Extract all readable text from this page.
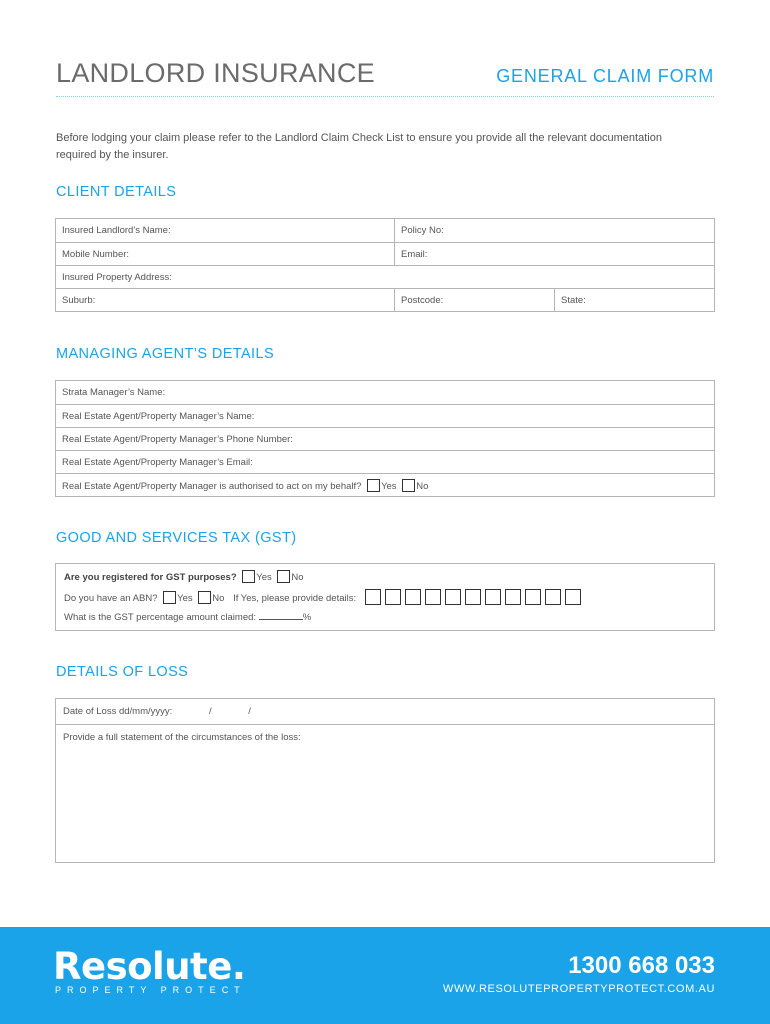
LANDLORD INSURANCE	GENERAL CLAIM FORM
Before lodging your claim please refer to the Landlord Claim Check List to ensure you provide all the relevant documentation required by the insurer.
CLIENT DETAILS
Insured Landlord’s Name:	Policy No:
Mobile Number:	Email:
Insured Property Address:
Suburb:	Postcode:	State:
MANAGING AGENT’S DETAILS
Strata Manager’s Name:
Real Estate Agent/Property Manager’s Name:
Real Estate Agent/Property Manager’s Phone Number:
Real Estate Agent/Property Manager’s Email:
Real Estate Agent/Property Manager is authorised to act on my behalf? Yes No
GOOD AND SERVICES TAX (GST)
Are you registered for GST purposes? Yes No
Do you have an ABN? Yes No If Yes, please provide details:
What is the GST percentage amount claimed:	%
DETAILS OF LOSS
Date of Loss dd/mm/yyyy:	/	/
Provide a full statement of the circumstances of the loss:
Resolute.
PROPERTY PROTECT
1300 668 033
WWW.RESOLUTEPROPERTYPROTECT.COM.AU
